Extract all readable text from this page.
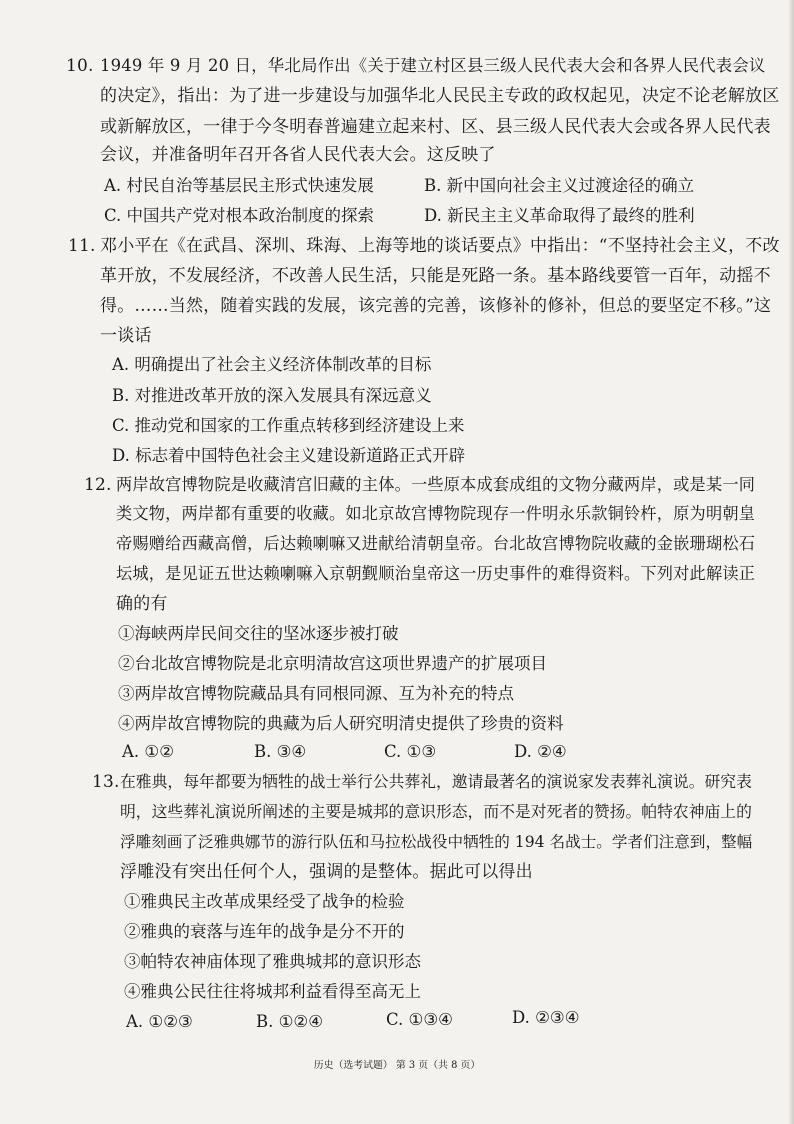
10. 1949 年 9 月 20 日，华北局作出《关于建立村区县三级人民代表大会和各界人民代表会议
的决定》，指出：为了进一步建设与加强华北人民民主专政的政权起见，决定不论老解放区
或新解放区，一律于今冬明春普遍建立起来村、区、县三级人民代表大会或各界人民代表
会议，并准备明年召开各省人民代表大会。这反映了
A. 村民自治等基层民主形式快速发展	B. 新中国向社会主义过渡途径的确立
C. 中国共产党对根本政治制度的探索	D. 新民主主义革命取得了最终的胜利
11. 邓小平在《在武昌、深圳、珠海、上海等地的谈话要点》中指出：“不坚持社会主义，不改
革开放，不发展经济，不改善人民生活，只能是死路一条。基本路线要管一百年，动摇不
得。……当然，随着实践的发展，该完善的完善，该修补的修补，但总的要坚定不移。”这
一谈话
A. 明确提出了社会主义经济体制改革的目标
B. 对推进改革开放的深入发展具有深远意义
C. 推动党和国家的工作重点转移到经济建设上来
D. 标志着中国特色社会主义建设新道路正式开辟
12. 两岸故宫博物院是收藏清宫旧藏的主体。一些原本成套成组的文物分藏两岸，或是某一同
类文物，两岸都有重要的收藏。如北京故宫博物院现存一件明永乐款铜铃杵，原为明朝皇
帝赐赠给西藏高僧，后达赖喇嘛又进献给清朝皇帝。台北故宫博物院收藏的金嵌珊瑚松石
坛城，是见证五世达赖喇嘛入京朝觐顺治皇帝这一历史事件的难得资料。下列对此解读正
确的有
①海峡两岸民间交往的坚冰逐步被打破
②台北故宫博物院是北京明清故宫这项世界遗产的扩展项目
③两岸故宫博物院藏品具有同根同源、互为补充的特点
④两岸故宫博物院的典藏为后人研究明清史提供了珍贵的资料
A. ①②	B. ③④	C. ①③	D. ②④
13. 在雅典，每年都要为牺牲的战士举行公共葬礼，邀请最著名的演说家发表葬礼演说。研究表
明，这些葬礼演说所阐述的主要是城邦的意识形态，而不是对死者的赞扬。帕特农神庙上的
浮雕刻画了泛雅典娜节的游行队伍和马拉松战役中牺牲的 194 名战士。学者们注意到，整幅
浮雕没有突出任何个人，强调的是整体。据此可以得出
①雅典民主改革成果经受了战争的检验
②雅典的衰落与连年的战争是分不开的
③帕特农神庙体现了雅典城邦的意识形态
④雅典公民往往将城邦利益看得至高无上
A. ①②③	B. ①②④	C. ①③④	D. ②③④
历史（选考试题） 第 3 页（共 8 页）
